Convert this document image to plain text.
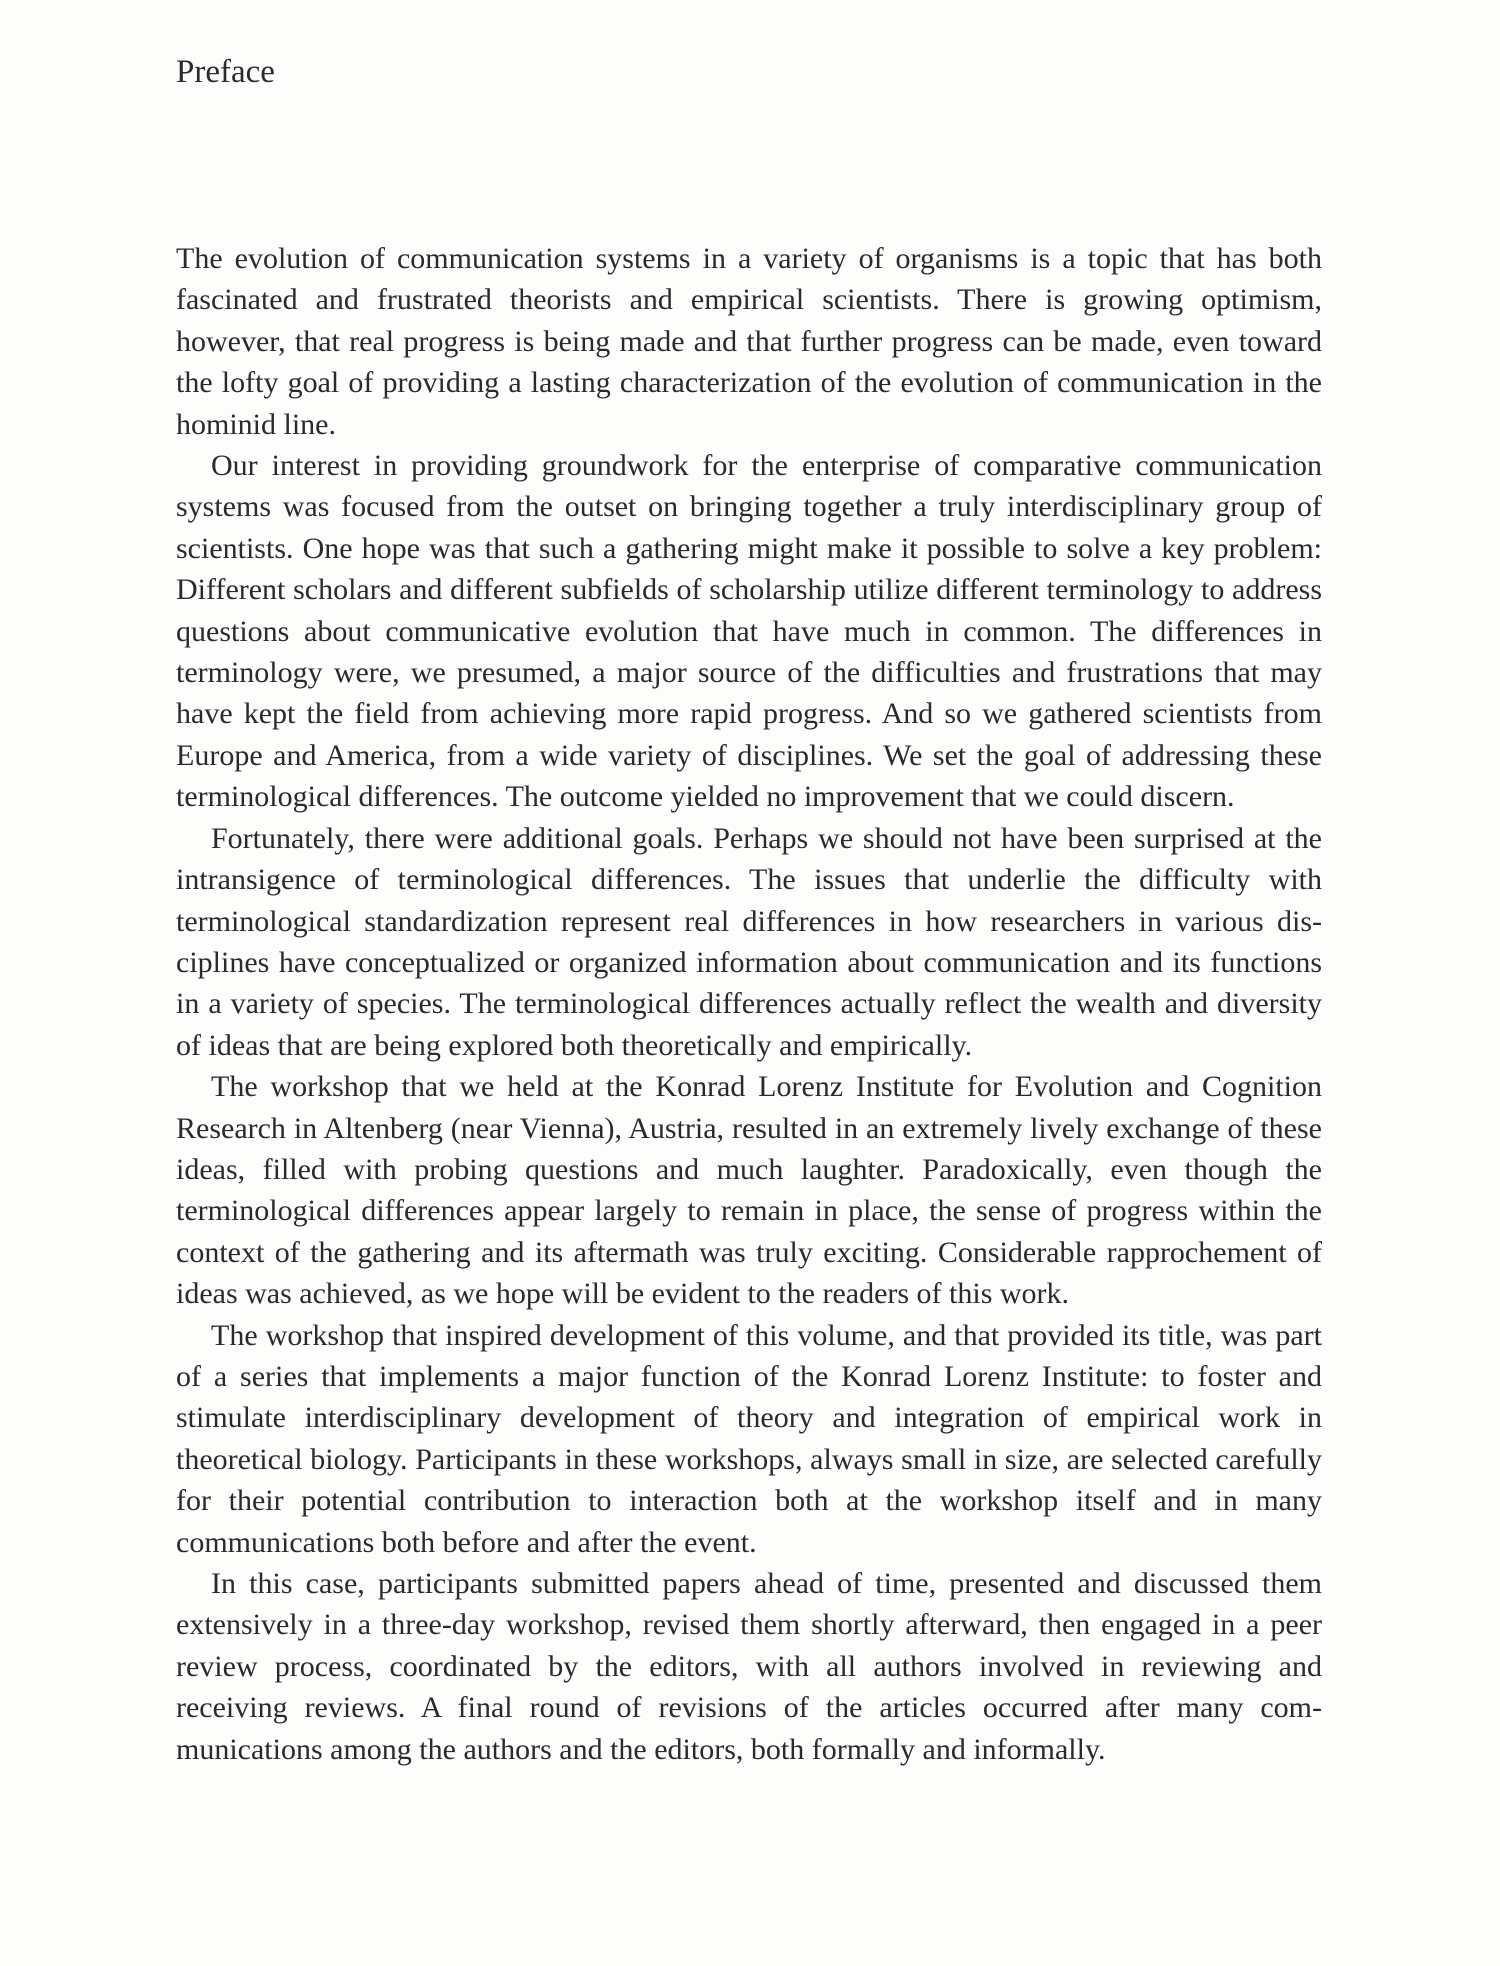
Preface

The evolution of communication systems in a variety of organisms is a topic that has both fascinated and frustrated theorists and empirical scientists. There is growing optimism, however, that real progress is being made and that further progress can be made, even toward the lofty goal of providing a lasting characterization of the evolution of communication in the hominid line.

Our interest in providing groundwork for the enterprise of comparative communication systems was focused from the outset on bringing together a truly interdisciplinary group of scientists. One hope was that such a gathering might make it possible to solve a key problem: Different scholars and different subfields of scholarship utilize different terminology to address questions about communicative evolution that have much in common. The differences in terminology were, we presumed, a major source of the difficulties and frustrations that may have kept the field from achieving more rapid progress. And so we gathered scientists from Europe and America, from a wide variety of disciplines. We set the goal of addressing these terminological differences. The outcome yielded no improvement that we could discern.

Fortunately, there were additional goals. Perhaps we should not have been surprised at the intransigence of terminological differences. The issues that underlie the difficulty with terminological standardization represent real differences in how researchers in various disciplines have conceptualized or organized information about communication and its functions in a variety of species. The terminological differences actually reflect the wealth and diversity of ideas that are being explored both theoretically and empirically.

The workshop that we held at the Konrad Lorenz Institute for Evolution and Cognition Research in Altenberg (near Vienna), Austria, resulted in an extremely lively exchange of these ideas, filled with probing questions and much laughter. Paradoxically, even though the terminological differences appear largely to remain in place, the sense of progress within the context of the gathering and its aftermath was truly exciting. Considerable rapprochement of ideas was achieved, as we hope will be evident to the readers of this work.

The workshop that inspired development of this volume, and that provided its title, was part of a series that implements a major function of the Konrad Lorenz Institute: to foster and stimulate interdisciplinary development of theory and integration of empirical work in theoretical biology. Participants in these workshops, always small in size, are selected carefully for their potential contribution to interaction both at the workshop itself and in many communications both before and after the event.

In this case, participants submitted papers ahead of time, presented and discussed them extensively in a three-day workshop, revised them shortly afterward, then engaged in a peer review process, coordinated by the editors, with all authors involved in reviewing and receiving reviews. A final round of revisions of the articles occurred after many communications among the authors and the editors, both formally and informally.
